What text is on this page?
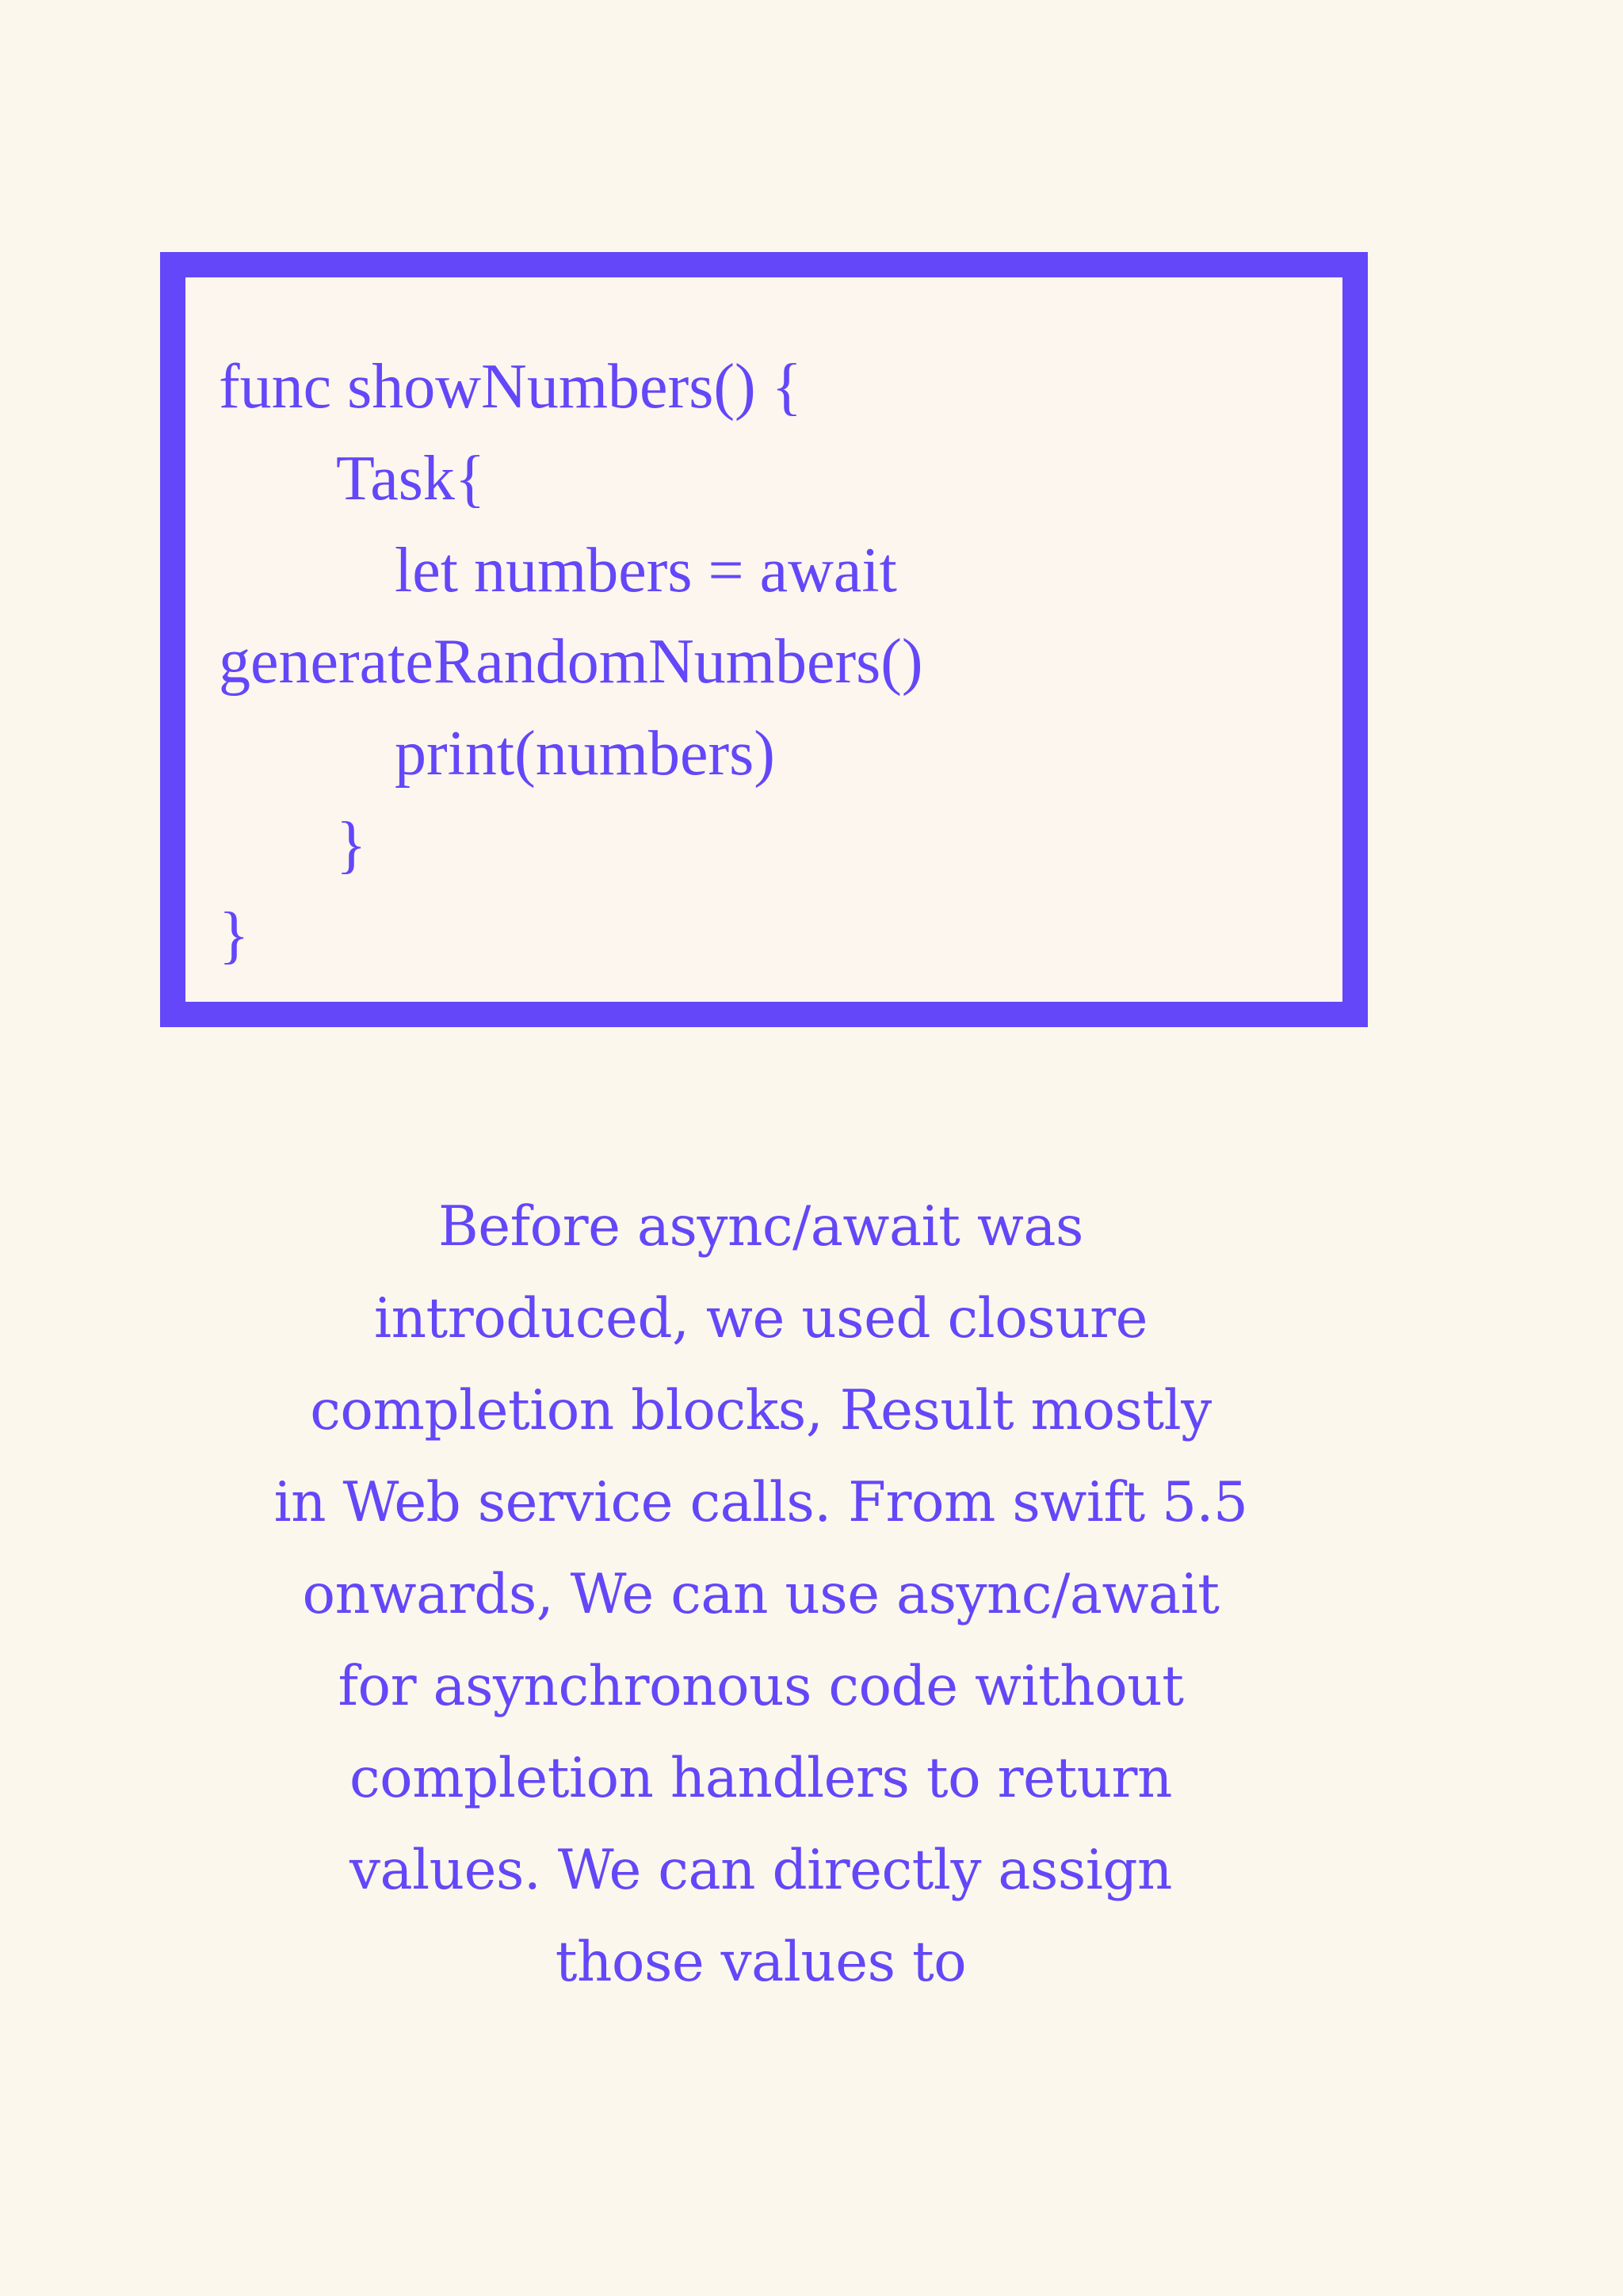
func showNumbers() {
Task{
let numbers = await
generateRandomNumbers()
print(numbers)
}
}
Before async/await was
introduced, we used closure
completion blocks, Result mostly
in Web service calls. From swift 5.5
onwards, We can use async/await
for asynchronous code without
completion handlers to return
values. We can directly assign
those values to
